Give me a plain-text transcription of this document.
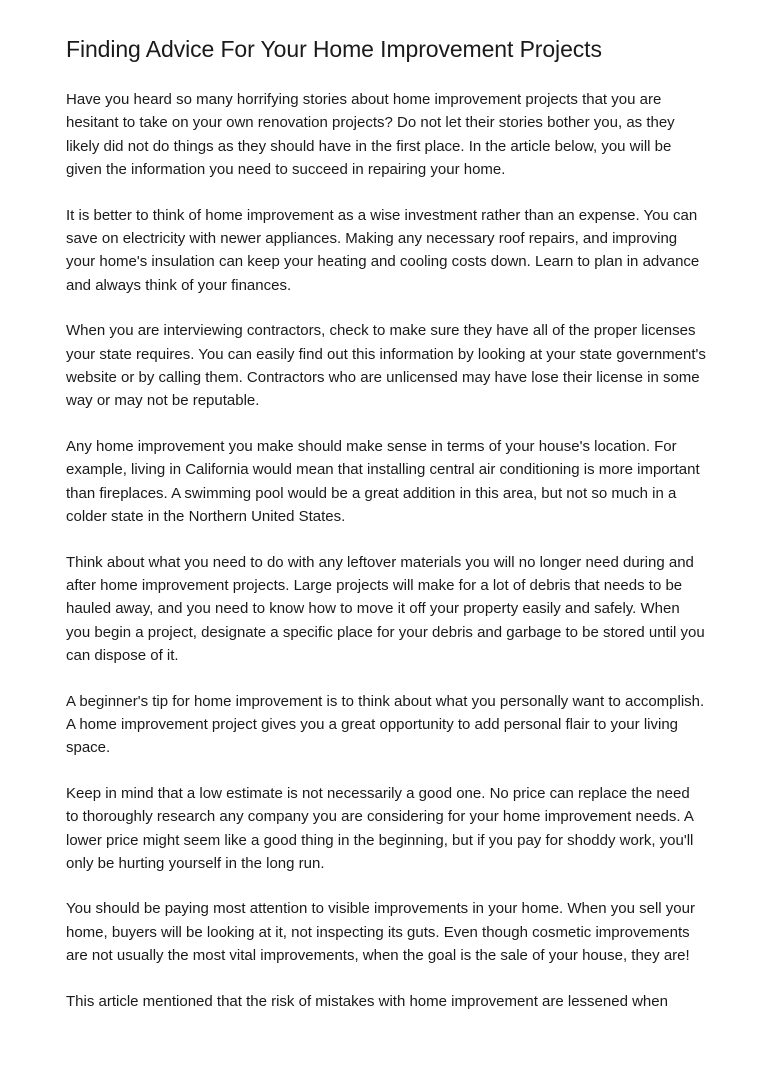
Finding Advice For Your Home Improvement Projects

Have you heard so many horrifying stories about home improvement projects that you are hesitant to take on your own renovation projects? Do not let their stories bother you, as they likely did not do things as they should have in the first place. In the article below, you will be given the information you need to succeed in repairing your home.

It is better to think of home improvement as a wise investment rather than an expense. You can save on electricity with newer appliances. Making any necessary roof repairs, and improving your home's insulation can keep your heating and cooling costs down. Learn to plan in advance and always think of your finances.

When you are interviewing contractors, check to make sure they have all of the proper licenses your state requires. You can easily find out this information by looking at your state government's website or by calling them. Contractors who are unlicensed may have lose their license in some way or may not be reputable.

Any home improvement you make should make sense in terms of your house's location. For example, living in California would mean that installing central air conditioning is more important than fireplaces. A swimming pool would be a great addition in this area, but not so much in a colder state in the Northern United States.

Think about what you need to do with any leftover materials you will no longer need during and after home improvement projects. Large projects will make for a lot of debris that needs to be hauled away, and you need to know how to move it off your property easily and safely. When you begin a project, designate a specific place for your debris and garbage to be stored until you can dispose of it.

A beginner's tip for home improvement is to think about what you personally want to accomplish. A home improvement project gives you a great opportunity to add personal flair to your living space.

Keep in mind that a low estimate is not necessarily a good one. No price can replace the need to thoroughly research any company you are considering for your home improvement needs. A lower price might seem like a good thing in the beginning, but if you pay for shoddy work, you'll only be hurting yourself in the long run.

You should be paying most attention to visible improvements in your home. When you sell your home, buyers will be looking at it, not inspecting its guts. Even though cosmetic improvements are not usually the most vital improvements, when the goal is the sale of your house, they are!

This article mentioned that the risk of mistakes with home improvement are lessened when
